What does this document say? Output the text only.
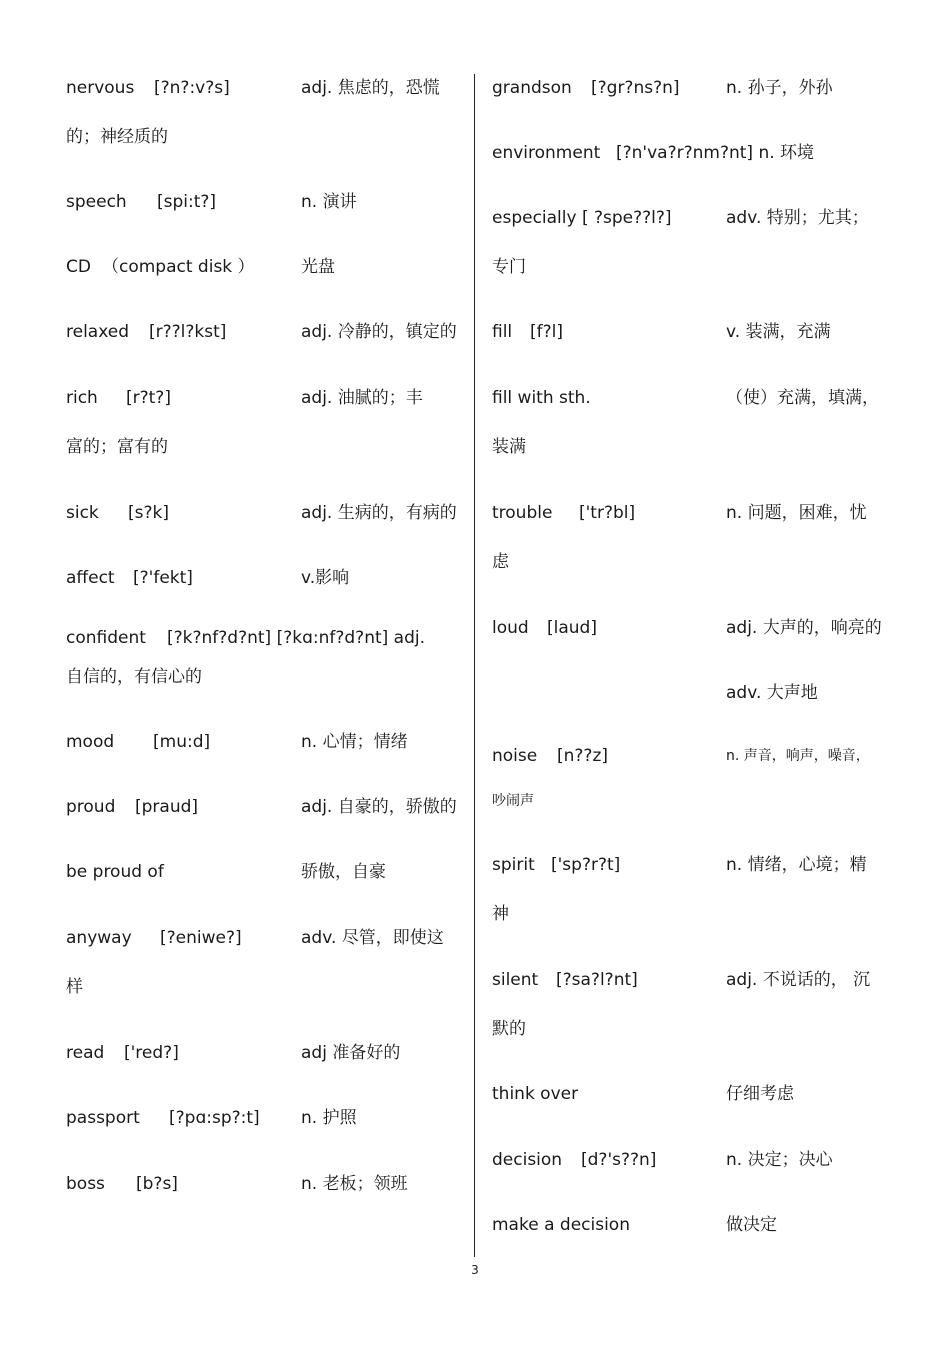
nervous [?n?:v?s]	adj. 焦虑的，恐慌
的；神经质的
speech [spi:t?]	n. 演讲
CD （compact disk ）	光盘
relaxed [r??l?kst]	adj. 冷静的，镇定的
rich [r?t?]	adj. 油腻的；丰
富的；富有的
sick [s?k]	adj. 生病的，有病的
affect [?'fekt]	v.影响
confident [?k?nf?d?nt] [?kɑ:nf?d?nt] adj.
自信的，有信心的
mood [mu:d]	n. 心情；情绪
proud [praud]	adj. 自豪的，骄傲的
be proud of	骄傲，自豪
anyway [?eniwe?]	adv. 尽管，即使这
样
read ['red?]	adj 准备好的
passport [?pɑ:sp?:t] n. 护照
boss [b?s]	n. 老板；领班
grandson [?gr?ns?n]	n. 孙子，外孙
environment [?n'va?r?nm?nt] n. 环境
especially [ ?spe??l?]	adv. 特别；尤其；
专门
fill [f?l]	v. 装满，充满
fill with sth.	（使）充满，填满，
装满
trouble ['tr?bl]	n. 问题，困难，忧
虑
loud [laud]	adj. 大声的，响亮的
adv. 大声地
noise [n??z]	n. 声音，响声，噪音，
吵闹声
spirit ['sp?r?t]	n. 情绪，心境；精
神
silent [?sa?l?nt]	adj. 不说话的， 沉
默的
think over	仔细考虑
decision [d?'s??n]	n. 决定；决心
make a decision	做决定
3
